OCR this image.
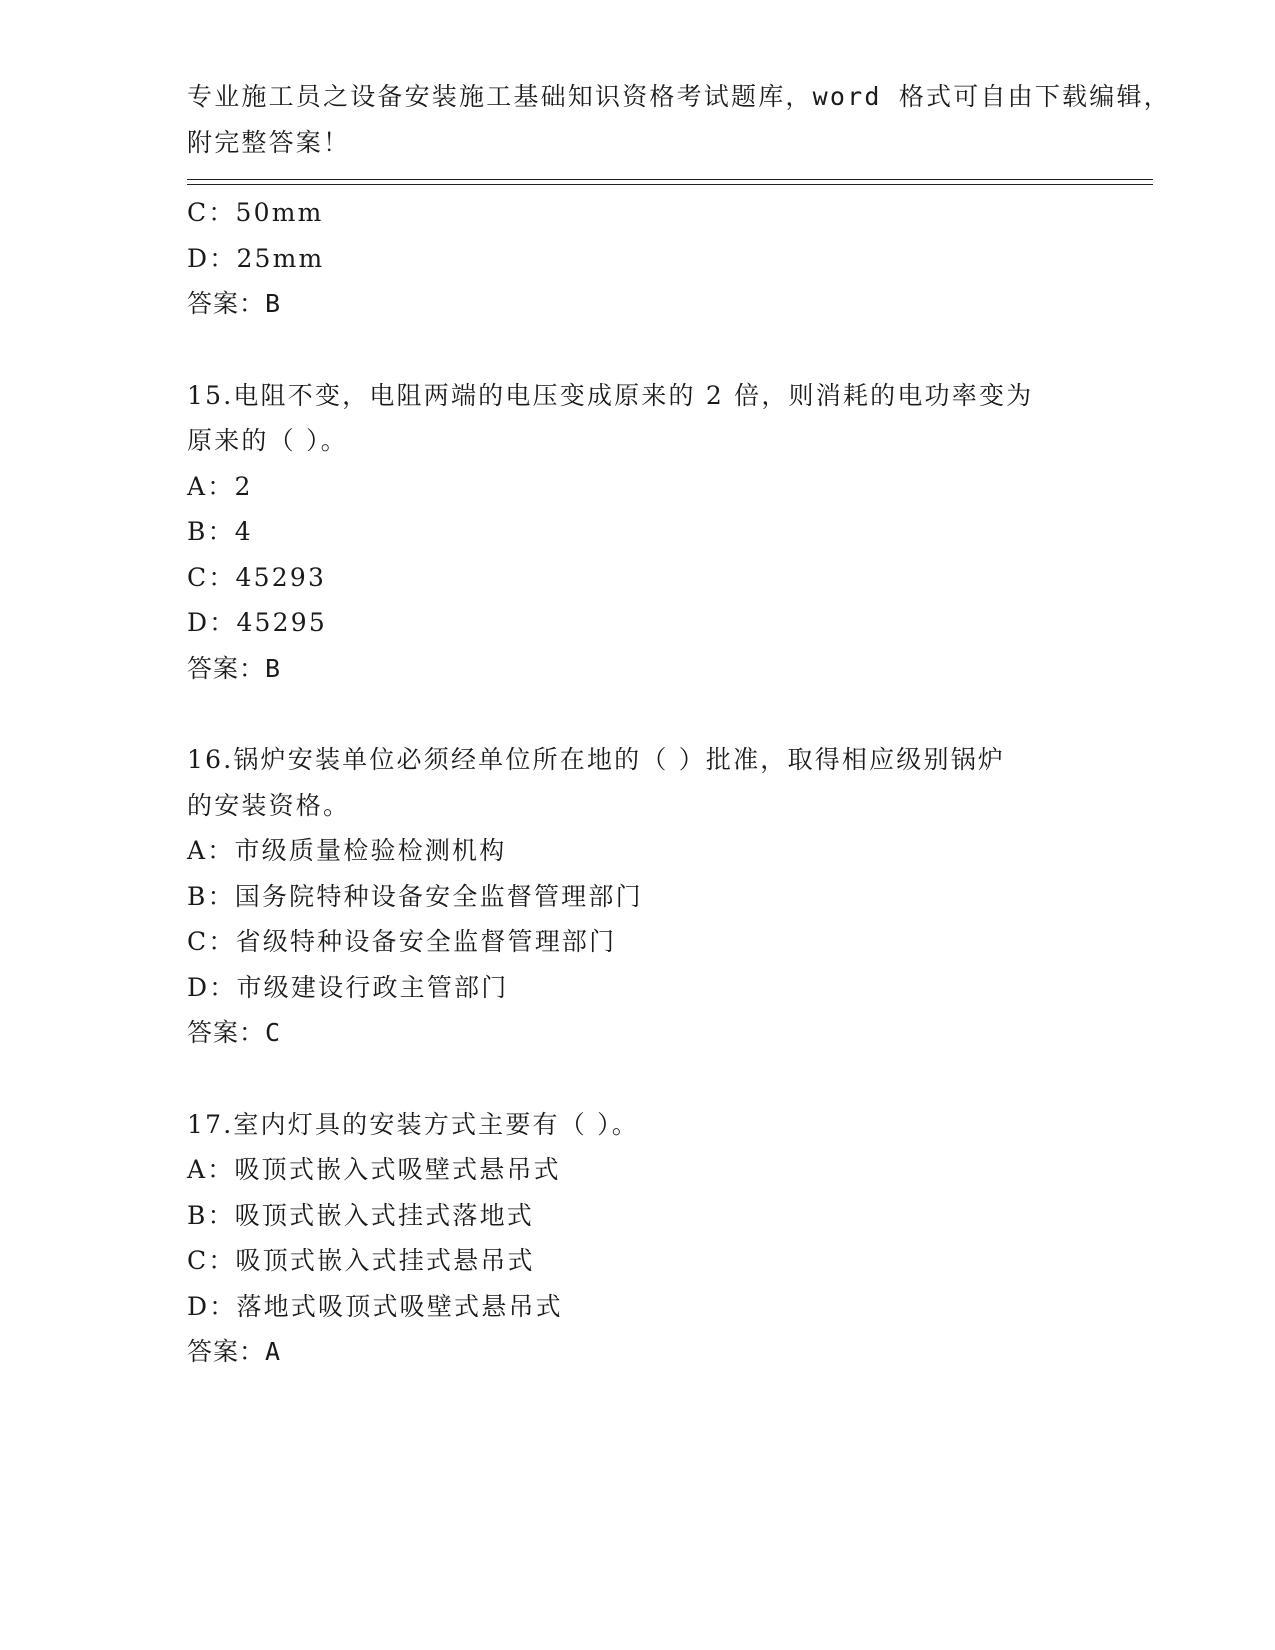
专业施工员之设备安装施工基础知识资格考试题库，word 格式可自由下载编辑，
附完整答案！
C：50mm
D：25mm
答案：B
15.电阻不变，电阻两端的电压变成原来的 2 倍，则消耗的电功率变为
原来的（ ）。
A：2
B：4
C：45293
D：45295
答案：B
16.锅炉安装单位必须经单位所在地的（ ）批准，取得相应级别锅炉
的安装资格。
A：市级质量检验检测机构
B：国务院特种设备安全监督管理部门
C：省级特种设备安全监督管理部门
D：市级建设行政主管部门
答案：C
17.室内灯具的安装方式主要有（ ）。
A：吸顶式嵌入式吸壁式悬吊式
B：吸顶式嵌入式挂式落地式
C：吸顶式嵌入式挂式悬吊式
D：落地式吸顶式吸壁式悬吊式
答案：A
